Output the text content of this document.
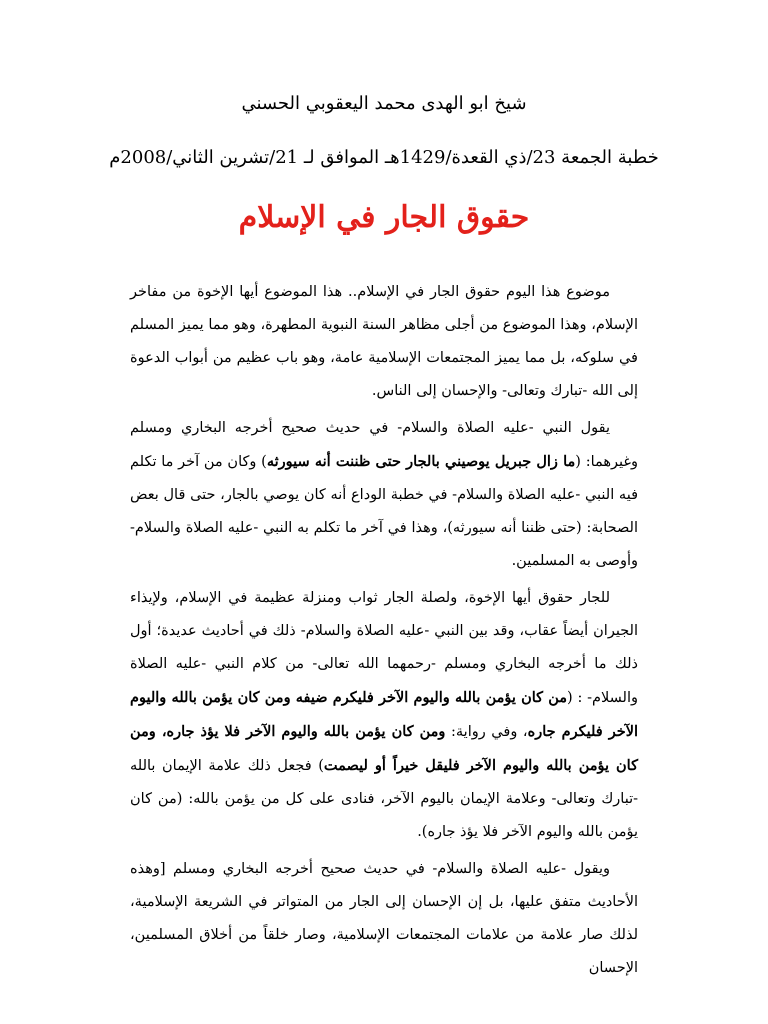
شيخ ابو الهدى محمد اليعقوبي الحسني
خطبة الجمعة 23/ذي القعدة/1429هـ الموافق لـ 21/تشرين الثاني/2008م
حقوق الجار في الإسلام

موضوع هذا اليوم حقوق الجار في الإسلام.. هذا الموضوع أيها الإخوة من مفاخر الإسلام، وهذا الموضوع من أجلى مظاهر السنة النبوية المطهرة، وهو مما يميز المسلم في سلوكه، بل مما يميز المجتمعات الإسلامية عامة، وهو باب عظيم من أبواب الدعوة إلى الله -تبارك وتعالى- والإحسان إلى الناس.

يقول النبي -عليه الصلاة والسلام- في حديث صحيح أخرجه البخاري ومسلم وغيرهما: (ما زال جبريل يوصيني بالجار حتى ظننت أنه سيورثه) وكان من آخر ما تكلم فيه النبي -عليه الصلاة والسلام- في خطبة الوداع أنه كان يوصي بالجار، حتى قال بعض الصحابة: (حتى ظننا أنه سيورثه)، وهذا في آخر ما تكلم به النبي -عليه الصلاة والسلام- وأوصى به المسلمين.

للجار حقوق أيها الإخوة، ولصلة الجار ثواب ومنزلة عظيمة في الإسلام، ولإيذاء الجيران أيضاً عقاب، وقد بين النبي -عليه الصلاة والسلام- ذلك في أحاديث عديدة؛ أول ذلك ما أخرجه البخاري ومسلم -رحمهما الله تعالى- من كلام النبي -عليه الصلاة والسلام- : (من كان يؤمن بالله واليوم الآخر فليكرم ضيفه ومن كان يؤمن بالله واليوم الآخر فليكرم جاره، وفي رواية: ومن كان يؤمن بالله واليوم الآخر فلا يؤذ جاره، ومن كان يؤمن بالله واليوم الآخر فليقل خيراً أو ليصمت) فجعل ذلك علامة الإيمان بالله -تبارك وتعالى- وعلامة الإيمان باليوم الآخر، فنادى على كل من يؤمن بالله: (من كان يؤمن بالله واليوم الآخر فلا يؤذ جاره).

ويقول -عليه الصلاة والسلام- في حديث صحيح أخرجه البخاري ومسلم [وهذه الأحاديث متفق عليها، بل إن الإحسان إلى الجار من المتواتر في الشريعة الإسلامية، لذلك صار علامة من علامات المجتمعات الإسلامية، وصار خلقاً من أخلاق المسلمين، الإحسان
